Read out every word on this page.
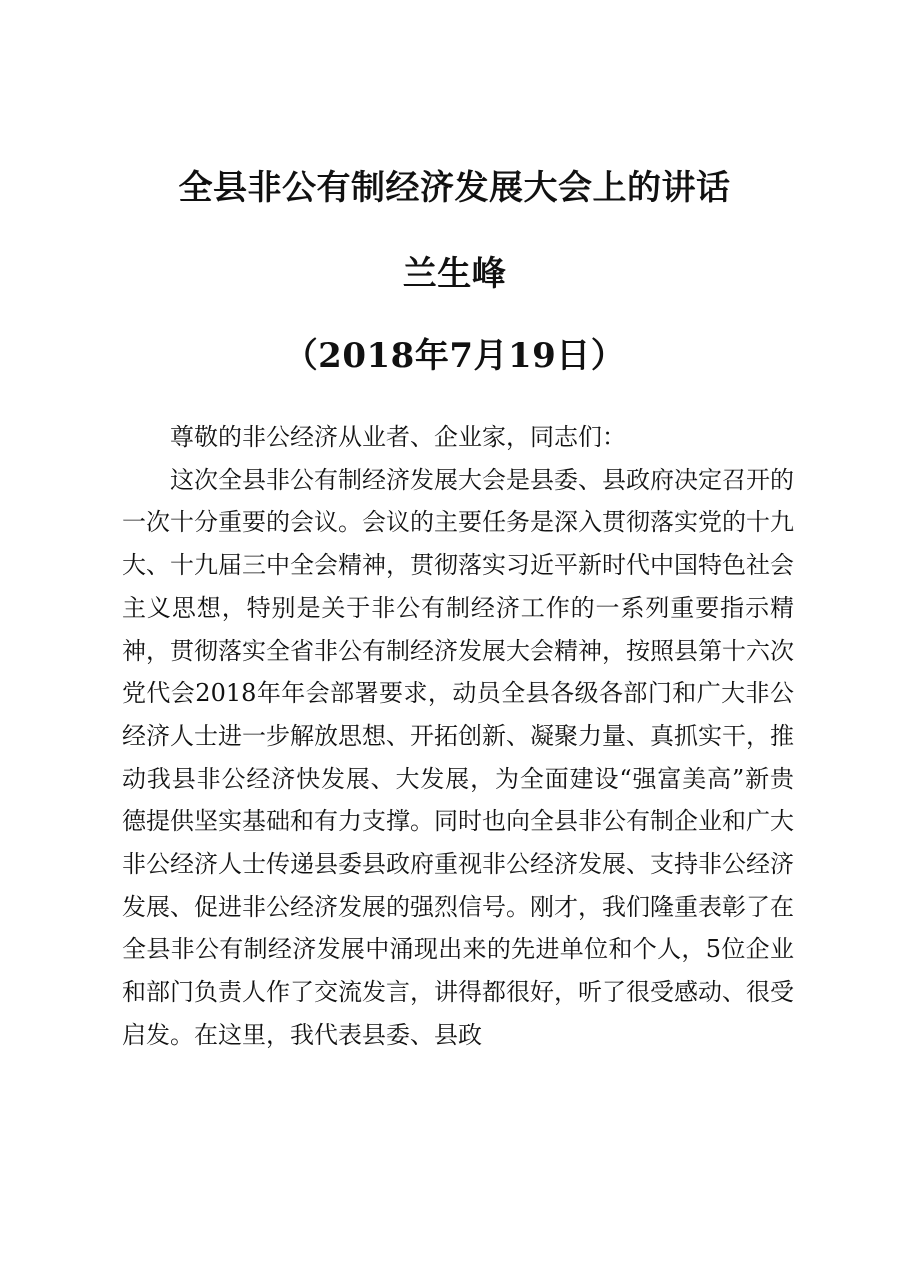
全县非公有制经济发展大会上的讲话
兰生峰
（2018年7月19日）

尊敬的非公经济从业者、企业家，同志们：

这次全县非公有制经济发展大会是县委、县政府决定召开的一次十分重要的会议。会议的主要任务是深入贯彻落实党的十九大、十九届三中全会精神，贯彻落实习近平新时代中国特色社会主义思想，特别是关于非公有制经济工作的一系列重要指示精神，贯彻落实全省非公有制经济发展大会精神，按照县第十六次党代会2018年年会部署要求，动员全县各级各部门和广大非公经济人士进一步解放思想、开拓创新、凝聚力量、真抓实干，推动我县非公经济快发展、大发展，为全面建设“强富美高”新贵德提供坚实基础和有力支撑。同时也向全县非公有制企业和广大非公经济人士传递县委县政府重视非公经济发展、支持非公经济发展、促进非公经济发展的强烈信号。刚才，我们隆重表彰了在全县非公有制经济发展中涌现出来的先进单位和个人，5位企业和部门负责人作了交流发言，讲得都很好，听了很受感动、很受启发。在这里，我代表县委、县政
